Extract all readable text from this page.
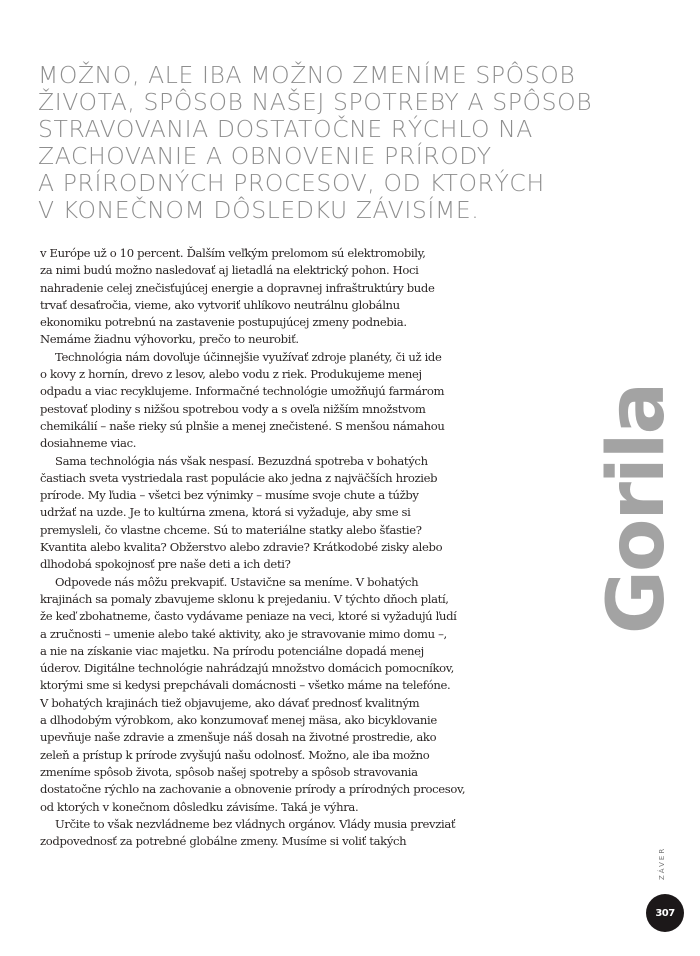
MOŽNO, ALE IBA MOŽNO ZMENÍME SPÔSOB
ŽIVOTA, SPÔSOB NAŠEJ SPOTREBY A SPÔSOB
STRAVOVANIA DOSTATOČNE RÝCHLO NA
ZACHOVANIE A OBNOVENIE PRÍRODY
A PRÍRODNÝCH PROCESOV, OD KTORÝCH
V KONEČNOM DÔSLEDKU ZÁVISÍME.
v Európe už o 10 percent. Ďalším veľkým prelomom sú elektromobily,
za nimi budú možno nasledovať aj lietadlá na elektrický pohon. Hoci
nahradenie celej znečisťujúcej energie a dopravnej infraštruktúry bude
trvať desaťročia, vieme, ako vytvoriť uhlíkovo neutrálnu globálnu
ekonomiku potrebnú na zastavenie postupujúcej zmeny podnebia.
Nemáme žiadnu výhovorku, prečo to neurobiť.
Technológia nám dovoľuje účinnejšie využívať zdroje planéty, či už ide
o kovy z hornín, drevo z lesov, alebo vodu z riek. Produkujeme menej
odpadu a viac recyklujeme. Informačné technológie umožňujú farmárom
pestovať plodiny s nižšou spotrebou vody a s oveľa nižším množstvom
chemikálií – naše rieky sú plnšie a menej znečistené. S menšou námahou
dosiahneme viac.
Sama technológia nás však nespasí. Bezuzdná spotreba v bohatých
častiach sveta vystriedala rast populácie ako jedna z najväčších hrozieb
prírode. My ľudia – všetci bez výnimky – musíme svoje chute a túžby
udržať na uzde. Je to kultúrna zmena, ktorá si vyžaduje, aby sme si
premysleli, čo vlastne chceme. Sú to materiálne statky alebo šťastie?
Kvantita alebo kvalita? Obžerstvo alebo zdravie? Krátkodobé zisky alebo
dlhodobá spokojnosť pre naše deti a ich deti?
Odpovede nás môžu prekvapiť. Ustavične sa meníme. V bohatých
krajinách sa pomaly zbavujeme sklonu k prejedaniu. V týchto dňoch platí,
že keď zbohatneme, často vydávame peniaze na veci, ktoré si vyžadujú ľudí
a zručnosti – umenie alebo také aktivity, ako je stravovanie mimo domu –,
a nie na získanie viac majetku. Na prírodu potenciálne dopadá menej
úderov. Digitálne technológie nahrádzajú množstvo domácich pomocníkov,
ktorými sme si kedysi prepchávali domácnosti – všetko máme na telefóne.
V bohatých krajinách tiež objavujeme, ako dávať prednosť kvalitným
a dlhodobým výrobkom, ako konzumovať menej mäsa, ako bicyklovanie
upevňuje naše zdravie a zmenšuje náš dosah na životné prostredie, ako
zeleň a prístup k prírode zvyšujú našu odolnosť. Možno, ale iba možno
zmeníme spôsob života, spôsob našej spotreby a spôsob stravovania
dostatočne rýchlo na zachovanie a obnovenie prírody a prírodných procesov,
od ktorých v konečnom dôsledku závisíme. Taká je výhra.
Určite to však nezvládneme bez vládnych orgánov. Vlády musia prevziať
zodpovednosť za potrebné globálne zmeny. Musíme si voliť takých
Gorila
ZÁVER
307
